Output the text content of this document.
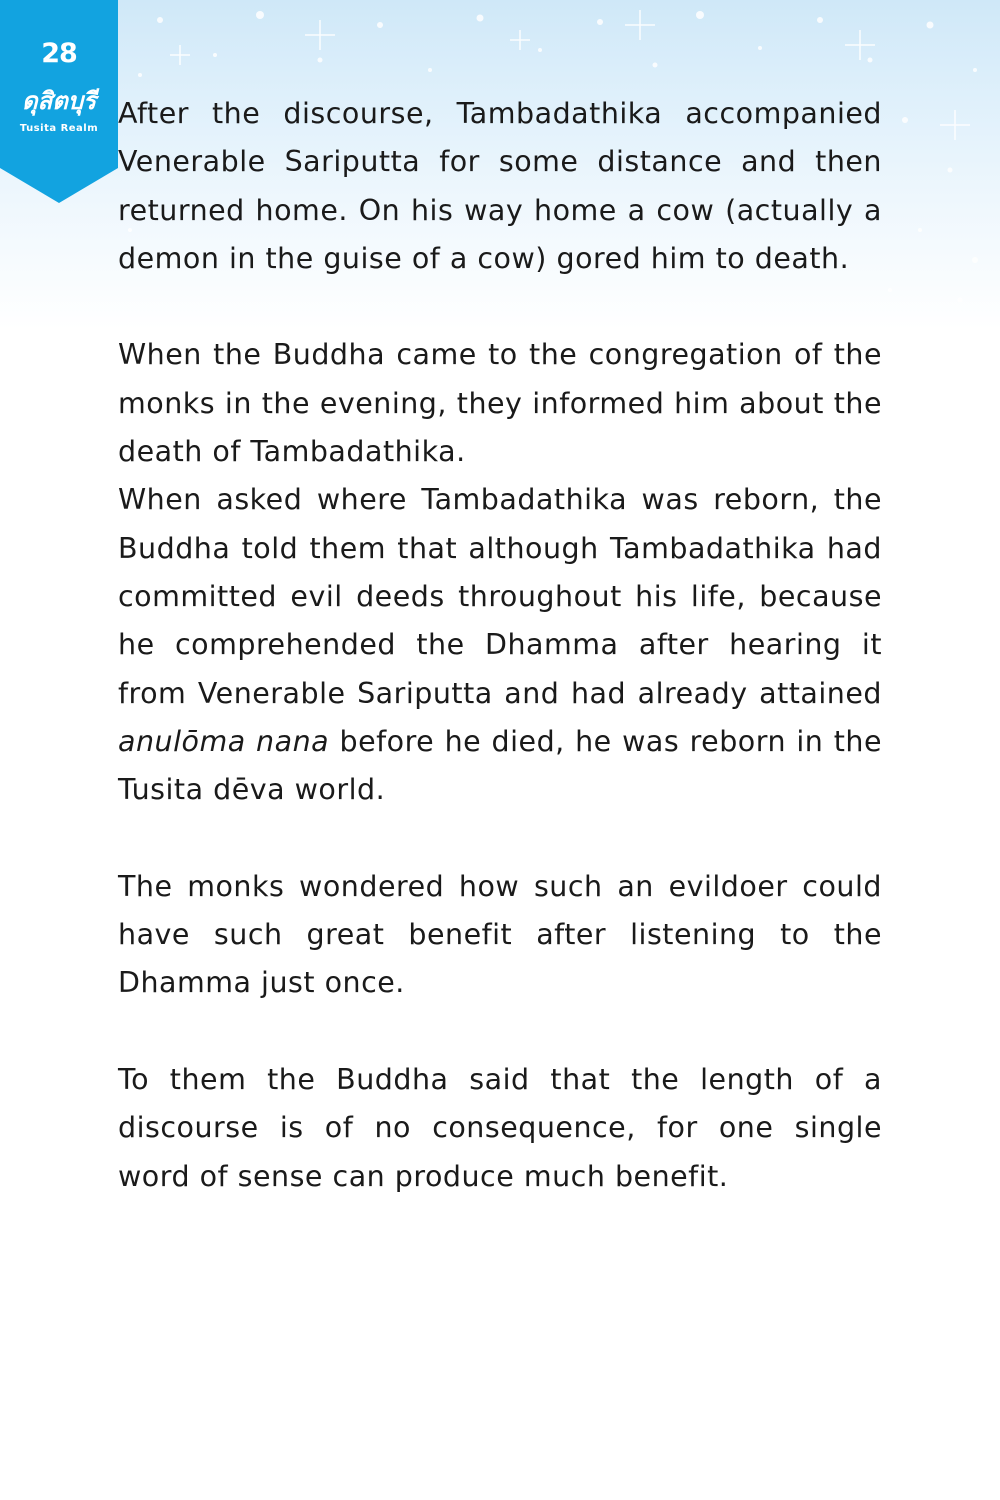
28
ดุสิตบุรี
Tusita Realm After the discourse, Tambadathika accompanied Venerable Sariputta for some distance and then returned home. On his way home a cow (actually a demon in the guise of a cow) gored him to death.

When the Buddha came to the congregation of the monks in the evening, they informed him about the death of Tambadathika.

When asked where Tambadathika was reborn, the Buddha told them that although Tambadathika had committed evil deeds throughout his life, because he comprehended the Dhamma after hearing it from Venerable Sariputta and had already attained anulōma nana before he died, he was reborn in the Tusita dēva world.

The monks wondered how such an evildoer could have such great benefit after listening to the Dhamma just once.

To them the Buddha said that the length of a discourse is of no consequence, for one single word of sense can produce much benefit.
